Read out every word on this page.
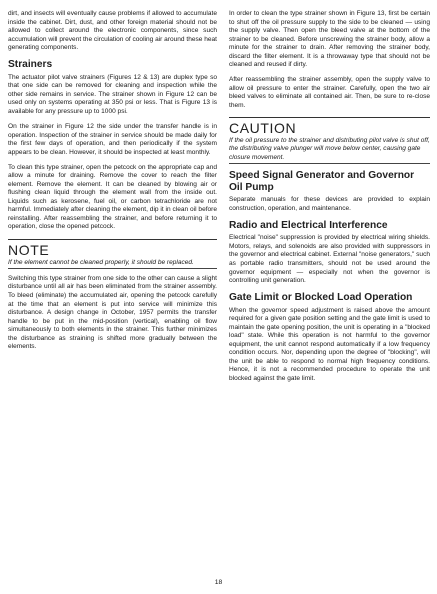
dirt, and insects will eventually cause problems if allowed to accumulate inside the cabinet. Dirt, dust, and other foreign material should not be allowed to collect around the electronic components, since such accumulation will prevent the circulation of cooling air around these heat generating components.

Strainers

The actuator pilot valve strainers (Figures 12 & 13) are duplex type so that one side can be removed for cleaning and inspection while the other side remains in service. The strainer shown in Figure 12 can be used only on systems operating at 350 psi or less. That is Figure 13 is available for any pressure up to 1000 psi.

On the strainer in Figure 12 the side under the transfer handle is in operation. Inspection of the strainer in service should be made daily for the first few days of operation, and then periodically if the system appears to be clean. However, it should be inspected at least monthly.

To clean this type strainer, open the petcock on the appropriate cap and allow a minute for draining. Remove the cover to reach the filter element. Remove the element. It can be cleaned by blowing air or flushing clean liquid through the element wall from the inside out. Liquids such as kerosene, fuel oil, or carbon tetrachloride are not harmful. Immediately after cleaning the element, dip it in clean oil before reinstalling. After reassembling the strainer, and before returning it to operation, close the opened petcock.

NOTE

If the element cannot be cleaned properly, it should be replaced.

Switching this type strainer from one side to the other can cause a slight disturbance until all air has been eliminated from the strainer assembly. To bleed (eliminate) the accumulated air, opening the petcock carefully at the time that an element is put into service will minimize this disturbance. A design change in October, 1957 permits the transfer handle to be put in the mid-position (vertical), enabling oil flow simultaneously to both elements in the strainer. This further minimizes the disturbance as straining is shifted more gradually between the elements.

In order to clean the type strainer shown in Figure 13, first be certain to shut off the oil pressure supply to the side to be cleaned — using the supply valve. Then open the bleed valve at the bottom of the strainer to be cleaned. Before unscrewing the strainer body, allow a minute for the strainer to drain. After removing the strainer body, discard the filter element. It is a throwaway type that should not be cleaned and reused if dirty.

After reassembling the strainer assembly, open the supply valve to allow oil pressure to enter the strainer. Carefully, open the two air bleed valves to eliminate all contained air. Then, be sure to re-close them.

CAUTION

If the oil pressure to the strainer and distributing pilot valve is shut off, the distributing valve plunger will move below center, causing gate closure movement.

Speed Signal Generator and Governor Oil Pump

Separate manuals for these devices are provided to explain construction, operation, and maintenance.

Radio and Electrical Interference

Electrical "noise" suppression is provided by electrical wiring shields. Motors, relays, and solenoids are also provided with suppressors in the governor and electrical cabinet. External "noise generators," such as portable radio transmitters, should not be used around the governor equipment — especially not when the governor is controlling unit generation.

Gate Limit or Blocked Load Operation

When the governor speed adjustment is raised above the amount required for a given gate position setting and the gate limit is used to maintain the gate opening position, the unit is operating in a "blocked load" state. While this operation is not harmful to the governor equipment, the unit cannot respond automatically if a low frequency condition occurs. Nor, depending upon the degree of "blocking", will the unit be able to respond to normal high frequency conditions. Hence, it is not a recommended procedure to operate the unit blocked against the gate limit.

18
